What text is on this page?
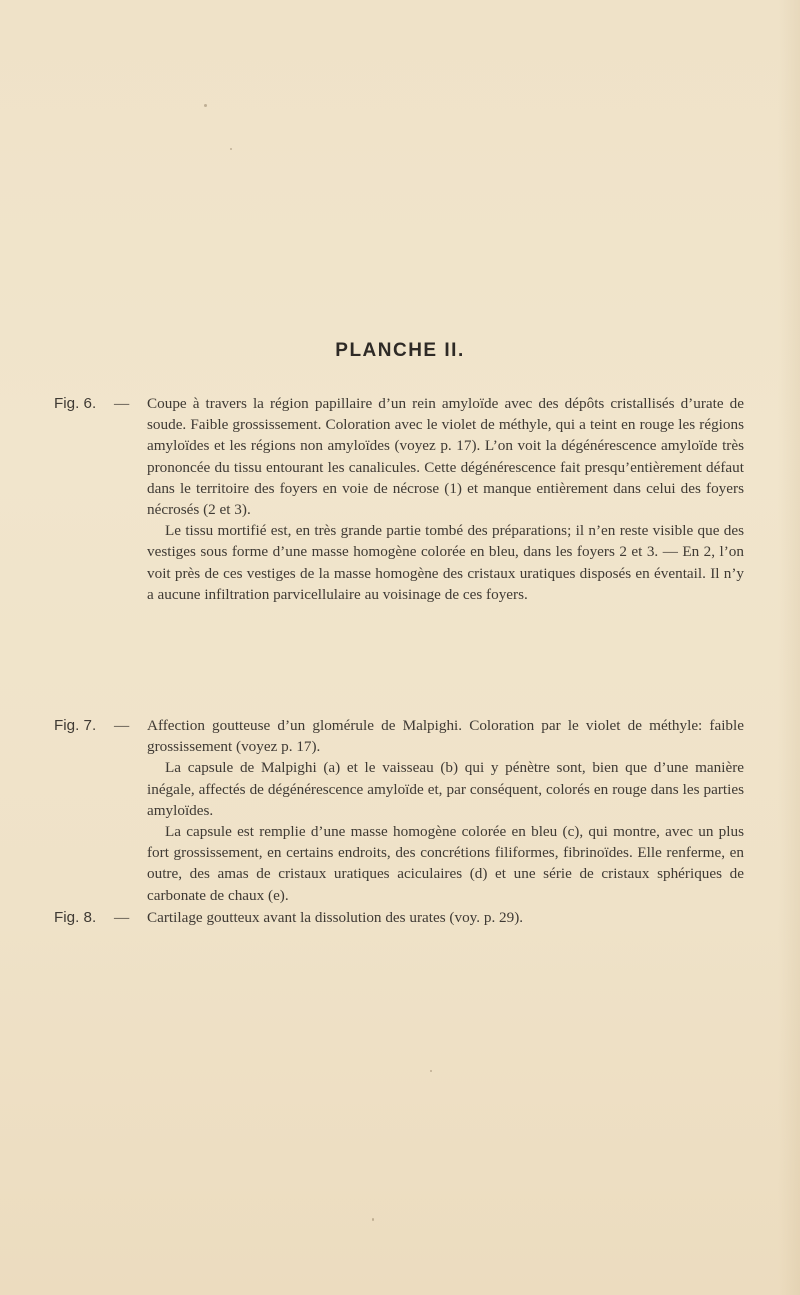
PLANCHE II.
Fig. 6.	—	Coupe à travers la région papillaire d’un rein amyloïde avec des dépôts cristallisés d’urate de soude. Faible grossissement. Coloration avec le violet de méthyle, qui a teint en rouge les régions amyloïdes et les régions non amyloïdes (voyez p. 17). L’on voit la dégénérescence amyloïde très prononcée du tissu entourant les canalicules. Cette dégénérescence fait presqu’entièrement défaut dans le territoire des foyers en voie de nécrose (1) et manque entièrement dans celui des foyers nécrosés (2 et 3).

Le tissu mortifié est, en très grande partie tombé des préparations; il n’en reste visible que des vestiges sous forme d’une masse homogène colorée en bleu, dans les foyers 2 et 3. — En 2, l’on voit près de ces vestiges de la masse homogène des cristaux uratiques disposés en éventail. Il n’y a aucune infiltration parvicellulaire au voisinage de ces foyers.

Fig. 7.	—	Affection goutteuse d’un glomérule de Malpighi. Coloration par le violet de méthyle: faible grossissement (voyez p. 17).

La capsule de Malpighi (a) et le vaisseau (b) qui y pénètre sont, bien que d’une manière inégale, affectés de dégénérescence amyloïde et, par conséquent, colorés en rouge dans les parties amyloïdes.

La capsule est remplie d’une masse homogène colorée en bleu (c), qui montre, avec un plus fort grossissement, en certains endroits, des concrétions filiformes, fibrinoïdes. Elle renferme, en outre, des amas de cristaux uratiques aciculaires (d) et une série de cristaux sphériques de carbonate de chaux (e).

Fig. 8.	—	Cartilage goutteux avant la dissolution des urates (voy. p. 29).
